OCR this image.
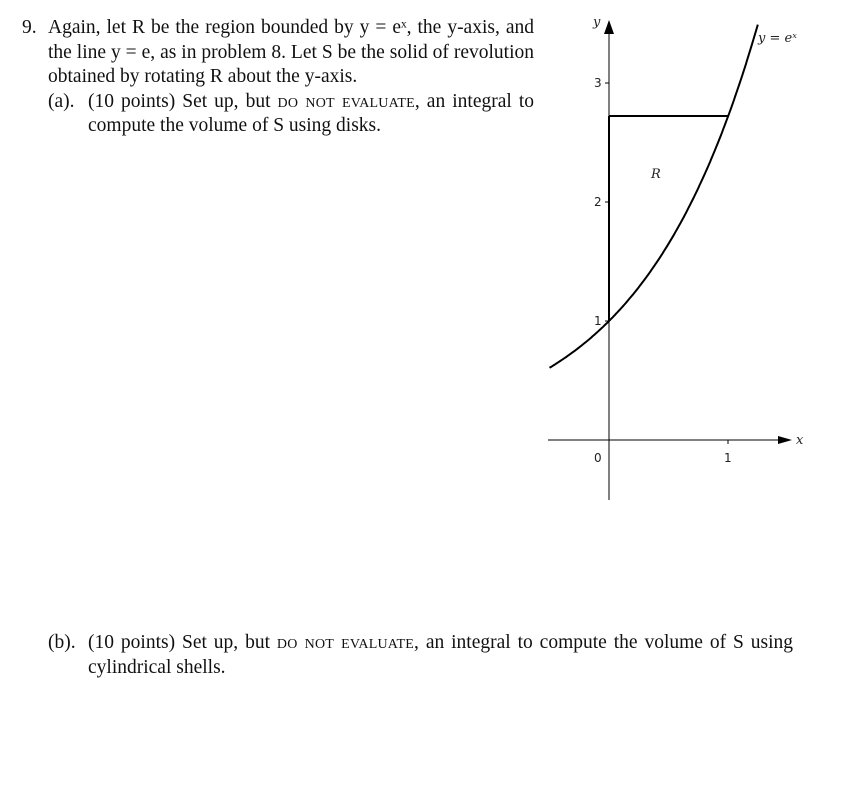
9. Again, let R be the region bounded by y = eˣ, the y-axis, and the line y = e, as in problem 8. Let S be the solid of revolution obtained by rotating R about the y-axis.
(a). (10 points) Set up, but do not evaluate, an integral to compute the volume of S using disks.
y
x
3
2
1
1
0
R
y = eˣ
(b). (10 points) Set up, but do not evaluate, an integral to compute the volume of S using cylindrical shells.
